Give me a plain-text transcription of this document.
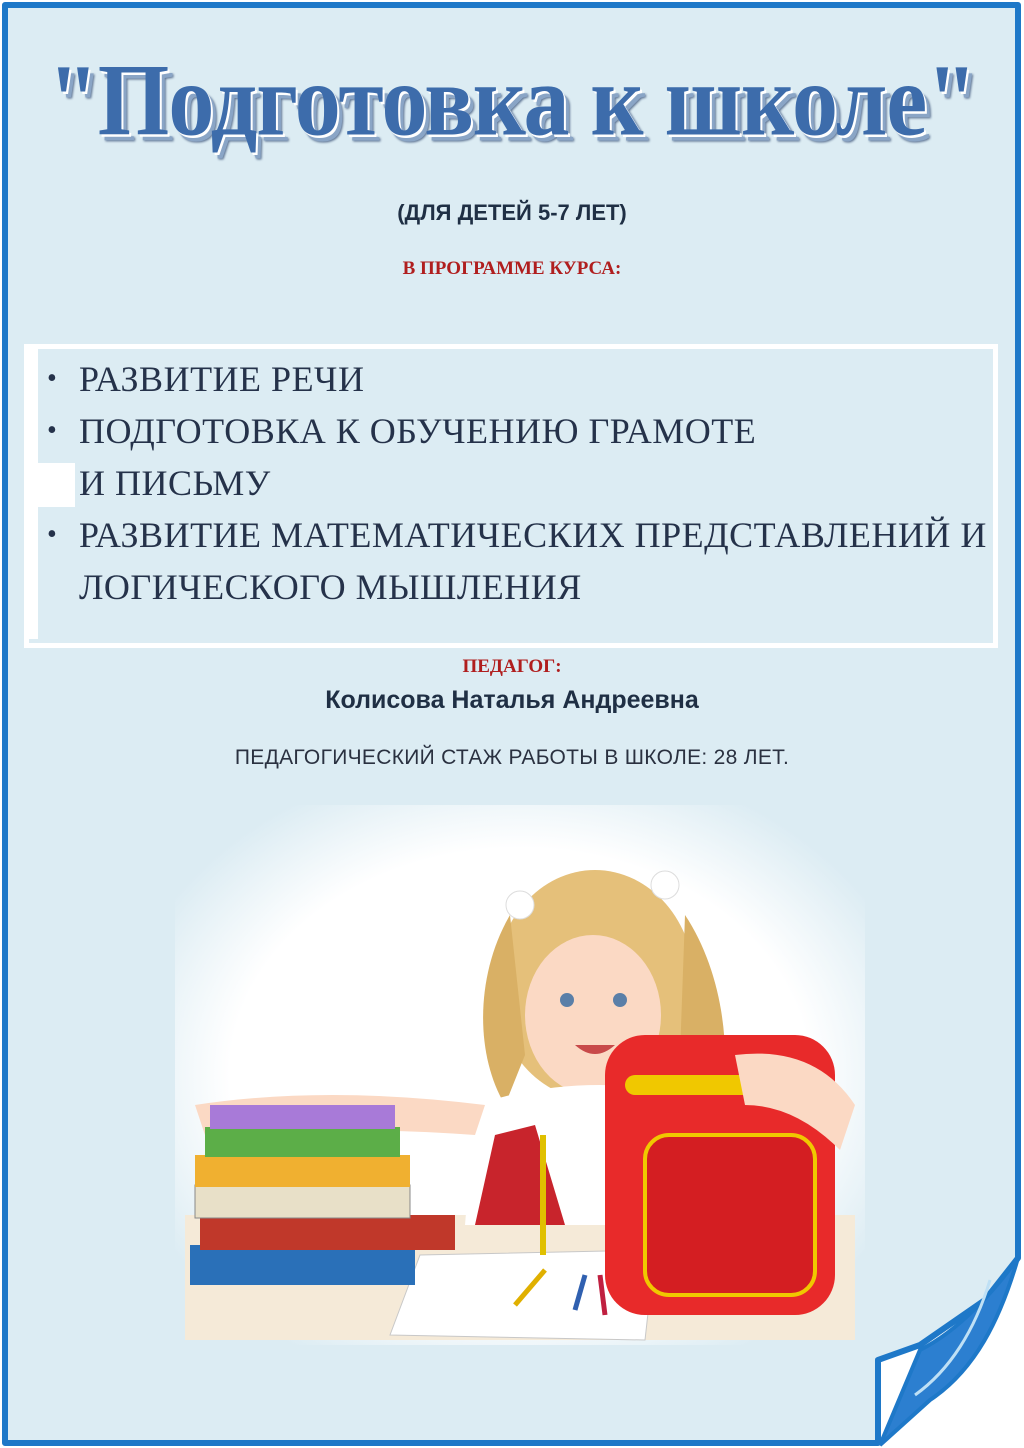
"Подготовка к школе"
(ДЛЯ ДЕТЕЙ 5-7 ЛЕТ)
В ПРОГРАММЕ КУРСА:
• РАЗВИТИЕ РЕЧИ
• ПОДГОТОВКА К ОБУЧЕНИЮ ГРАМОТЕ
И ПИСЬМУ
• РАЗВИТИЕ МАТЕМАТИЧЕСКИХ ПРЕДСТАВЛЕНИЙ И
ЛОГИЧЕСКОГО МЫШЛЕНИЯ
ПЕДАГОГ:
Колисова Наталья Андреевна
ПЕДАГОГИЧЕСКИЙ СТАЖ РАБОТЫ В ШКОЛЕ: 28 ЛЕТ.
